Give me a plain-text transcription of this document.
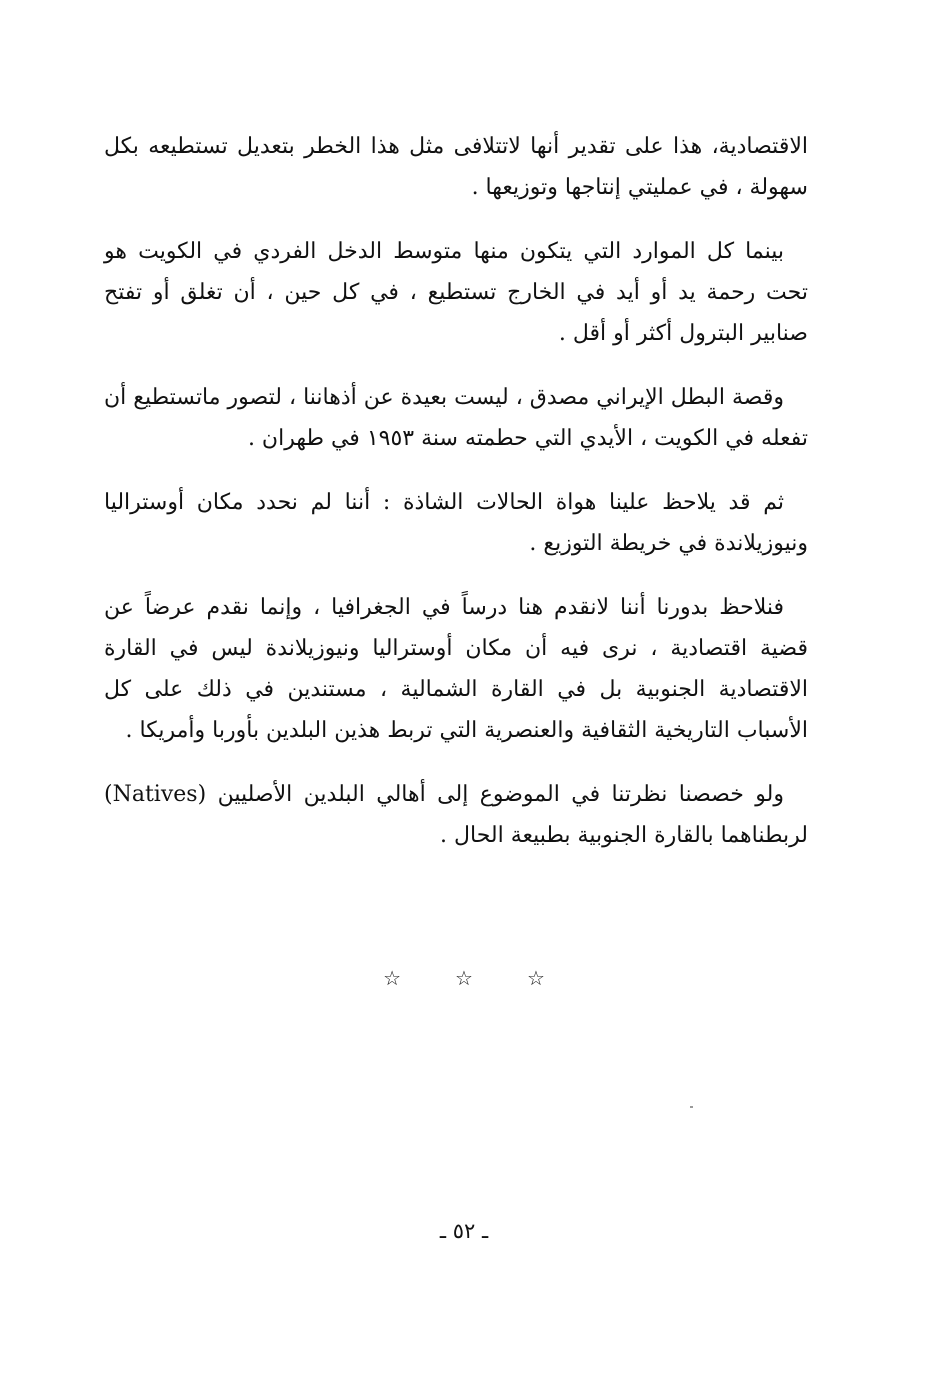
الاقتصادية، هذا على تقدير أنها لاتتلافى مثل هذا الخطر بتعديل تستطيعه بكل سهولة ، في عمليتي إنتاجها وتوزيعها .

بينما كل الموارد التي يتكون منها متوسط الدخل الفردي في الكويت هو تحت رحمة يد أو أيد في الخارج تستطيع ، في كل حين ، أن تغلق أو تفتح صنابير البترول أكثر أو أقل .

وقصة البطل الإيراني مصدق ، ليست بعيدة عن أذهاننا ، لتصور ماتستطيع أن تفعله في الكويت ، الأيدي التي حطمته سنة ١٩٥٣ في طهران .

ثم قد يلاحظ علينا هواة الحالات الشاذة : أننا لم نحدد مكان أوستراليا ونيوزيلاندة في خريطة التوزيع .

فنلاحظ بدورنا أننا لانقدم هنا درساً في الجغرافيا ، وإنما نقدم عرضاً عن قضية اقتصادية ، نرى فيه أن مكان أوستراليا ونيوزيلاندة ليس في القارة الاقتصادية الجنوبية بل في القارة الشمالية ، مستندين في ذلك على كل الأسباب التاريخية الثقافية والعنصرية التي تربط هذين البلدين بأوربا وأمريكا .

ولو خصصنا نظرتنا في الموضوع إلى أهالي البلدين الأصليين (Natives) لربطناهما بالقارة الجنوبية بطبيعة الحال .

☆	☆	☆
ـ ٥٢ ـ
